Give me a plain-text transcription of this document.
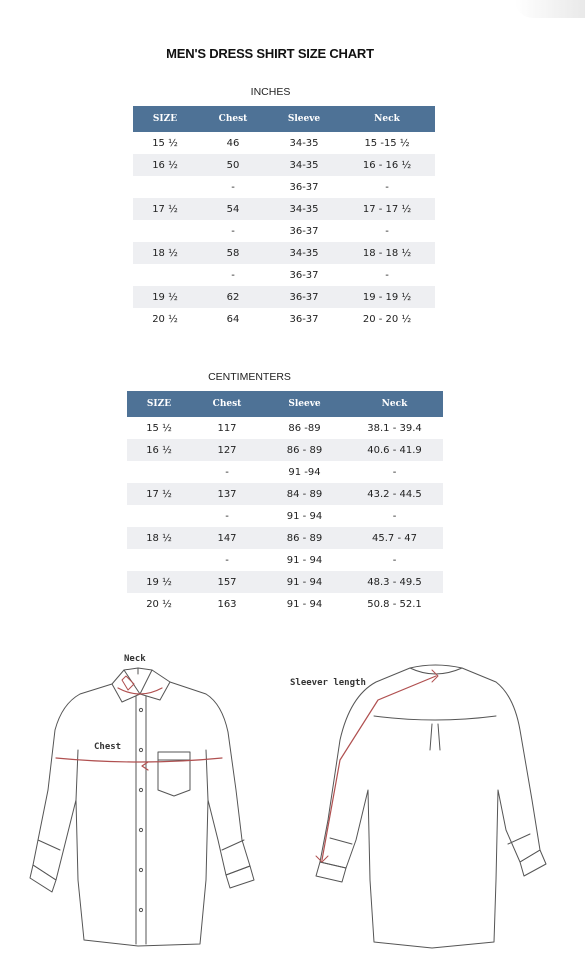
MEN'S DRESS SHIRT SIZE CHART
INCHES
SIZE	Chest	Sleeve	Neck
15 ½	46	34-35	15 -15 ½
16 ½	50	34-35	16 - 16 ½
	-	36-37	-
17 ½	54	34-35	17 - 17 ½
	-	36-37	-
18 ½	58	34-35	18 - 18 ½
	-	36-37	-
19 ½	62	36-37	19 - 19 ½
20 ½	64	36-37	20 - 20 ½
CENTIMENTERS
SIZE	Chest	Sleeve	Neck
15 ½	117	86 -89	38.1 - 39.4
16 ½	127	86 - 89	40.6 - 41.9
	-	91 -94	-
17 ½	137	84 - 89	43.2 - 44.5
	-	91 - 94	-
18 ½	147	86 - 89	45.7 - 47
	-	91 - 94	-
19 ½	157	91 - 94	48.3 - 49.5
20 ½	163	91 - 94	50.8 - 52.1
Neck
Chest
Sleever length
